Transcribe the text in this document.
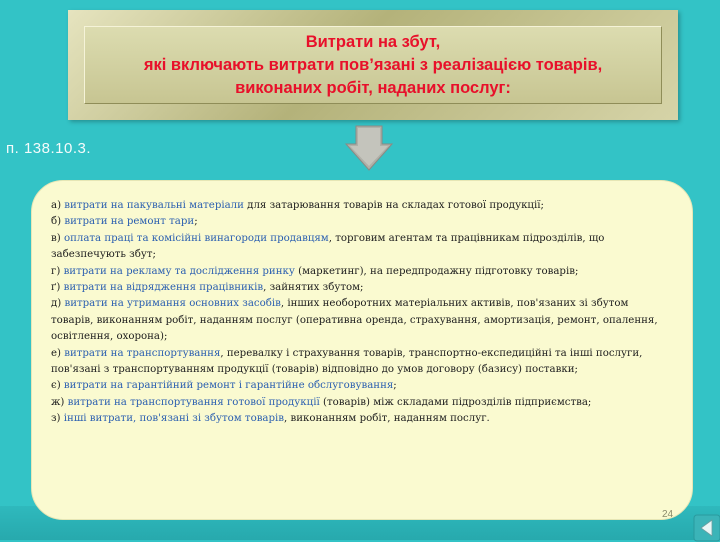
Витрати на збут,
які включають витрати пов’язані з реалізацією товарів,
виконаних робіт, наданих послуг:
п. 138.10.3.

а) витрати на пакувальні матеріали для затарювання товарів на складах готової продукції;

б) витрати на ремонт тари;

в) оплата праці та комісійні винагороди продавцям, торговим агентам та працівникам підрозділів, що забезпечують збут;

г) витрати на рекламу та дослідження ринку (маркетинг), на передпродажну підготовку товарів;

ґ) витрати на відрядження працівників, зайнятих збутом;

д) витрати на утримання основних засобів, інших необоротних матеріальних активів, пов'язаних зі збутом товарів, виконанням робіт, наданням послуг (оперативна оренда, страхування, амортизація, ремонт, опалення, освітлення, охорона);

е) витрати на транспортування, перевалку і страхування товарів, транспортно-експедиційні та інші послуги, пов'язані з транспортуванням продукції (товарів) відповідно до умов договору (базису) поставки;

є) витрати на гарантійний ремонт і гарантійне обслуговування;

ж) витрати на транспортування готової продукції (товарів) між складами підрозділів підприємства;

з) інші витрати, пов'язані зі збутом товарів, виконанням робіт, наданням послуг.

24
